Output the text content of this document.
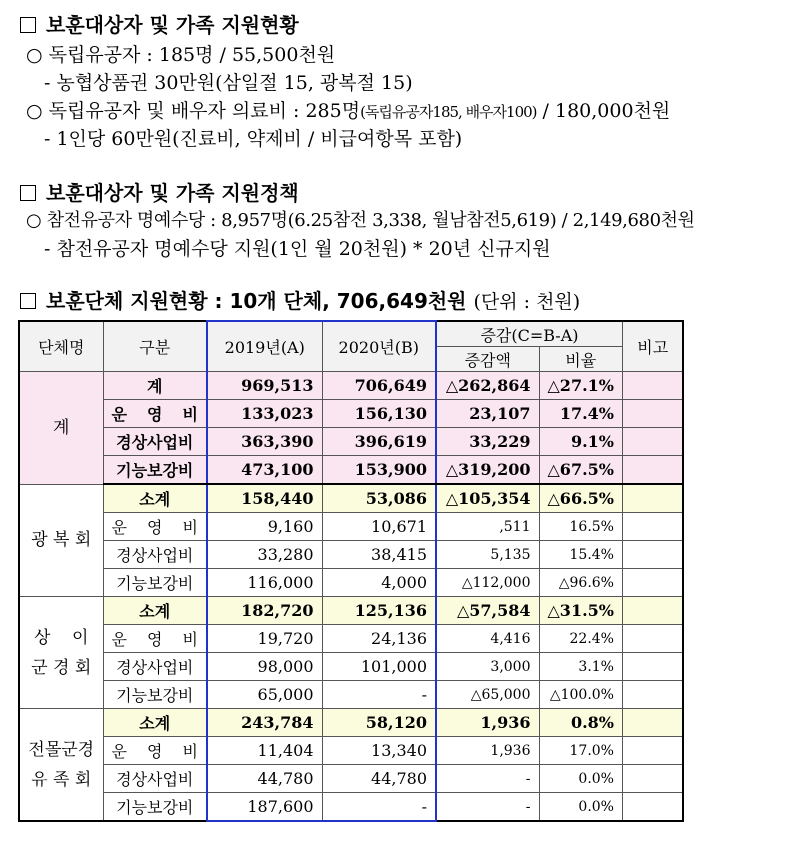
보훈대상자 및 가족 지원현황
○ 독립유공자 : 185명 / 55,500천원
- 농협상품권 30만원(삼일절 15, 광복절 15)
○ 독립유공자 및 배우자 의료비 : 285명(독립유공자185, 배우자100) / 180,000천원
- 1인당 60만원(진료비, 약제비 / 비급여항목 포함)
보훈대상자 및 가족 지원정책
○ 참전유공자 명예수당 : 8,957명(6.25참전 3,338, 월남참전5,619) / 2,149,680천원
- 참전유공자 명예수당 지원(1인 월 20천원) * 20년 신규지원
보훈단체 지원현황 : 10개 단체, 706,649천원 (단위 : 천원)
단체명	구분	2019년(A)	2020년(B)	증감(C=B-A)		비고
				증감액	비율	
계	계	969,513	706,649	△262,864	△27.1%	
	운 영 비	133,023	156,130	23,107	17.4%	
	경상사업비	363,390	396,619	33,229	9.1%	
	기능보강비	473,100	153,900	△319,200	△67.5%	
광 복 회	소계	158,440	53,086	△105,354	△66.5%	
	운 영 비	9,160	10,671	,511	16.5%	
	경상사업비	33,280	38,415	5,135	15.4%	
	기능보강비	116,000	4,000	△112,000	△96.6%	

상    이
군 경 회	소계	182,720	125,136	△57,584	△31.5%	
	운 영 비	19,720	24,136	4,416	22.4%	
	경상사업비	98,000	101,000	3,000	3.1%	
	기능보강비	65,000	-	△65,000	△100.0%	

전몰군경
유 족 회	소계	243,784	58,120	1,936	0.8%	
	운 영 비	11,404	13,340	1,936	17.0%	
	경상사업비	44,780	44,780	-	0.0%	
	기능보강비	187,600	-	-	0.0%	
